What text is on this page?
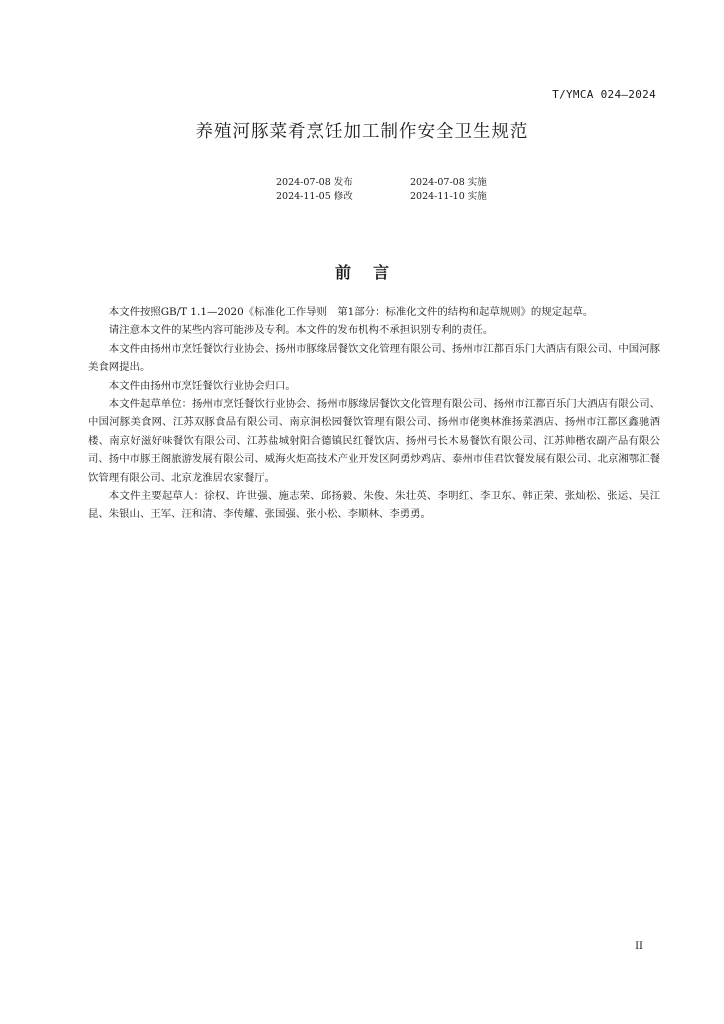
T/YMCA 024—2024
养殖河豚菜肴烹饪加工制作安全卫生规范
2024-07-08 发布	2024-07-08 实施
2024-11-05 修改	2024-11-10 实施
前言

本文件按照GB/T 1.1—2020《标准化工作导则　第1部分：标准化文件的结构和起草规则》的规定起草。

请注意本文件的某些内容可能涉及专利。本文件的发布机构不承担识别专利的责任。

本文件由扬州市烹饪餐饮行业协会、扬州市豚缘居餐饮文化管理有限公司、扬州市江都百乐门大酒店有限公司、中国河豚美食网提出。

本文件由扬州市烹饪餐饮行业协会归口。

本文件起草单位：扬州市烹饪餐饮行业协会、扬州市豚缘居餐饮文化管理有限公司、扬州市江都百乐门大酒店有限公司、中国河豚美食网、江苏双豚食品有限公司、南京洞松园餐饮管理有限公司、扬州市佬奥林淮扬菜酒店、扬州市江都区鑫驰酒楼、南京好滋好味餐饮有限公司、江苏盐城射阳合德镇民红餐饮店、扬州弓长木易餐饮有限公司、江苏帅楷农副产品有限公司、扬中市豚王阁旅游发展有限公司、威海火炬高技术产业开发区阿勇炒鸡店、泰州市佳君饮餐发展有限公司、北京湘鄂汇餐饮管理有限公司、北京龙淮居农家餐厅。

本文件主要起草人：徐权、许世强、施志荣、邱扬毅、朱俊、朱壮英、李明红、李卫东、韩正荣、张灿松、张运、吴江昆、朱银山、王军、汪和清、李传耀、张国强、张小松、李顺林、李勇勇。

II
